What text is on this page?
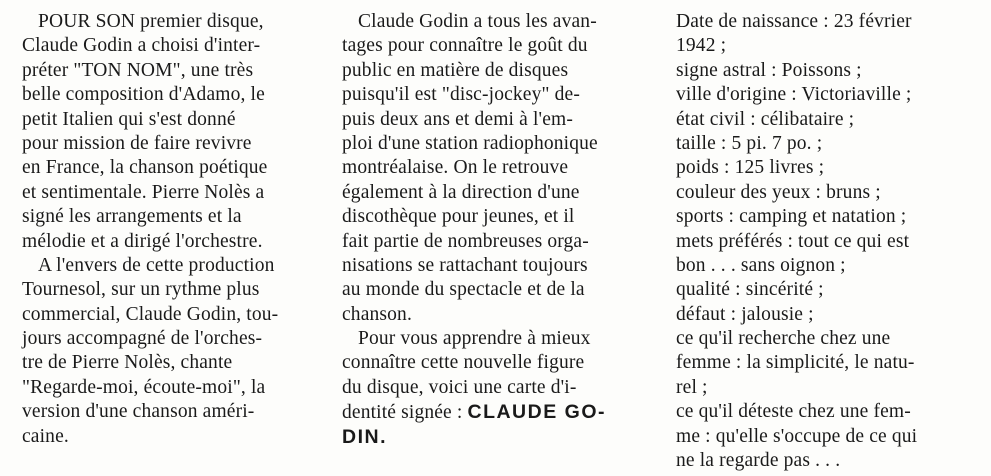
POUR SON premier disque,
Claude Godin a choisi d'inter-
préter "TON NOM", une très
belle composition d'Adamo, le
petit Italien qui s'est donné
pour mission de faire revivre
en France, la chanson poétique
et sentimentale. Pierre Nolès a
signé les arrangements et la
mélodie et a dirigé l'orchestre.
A l'envers de cette production
Tournesol, sur un rythme plus
commercial, Claude Godin, tou-
jours accompagné de l'orches-
tre de Pierre Nolès, chante
"Regarde-moi, écoute-moi", la
version d'une chanson améri-
caine.
Claude Godin a tous les avan-
tages pour connaître le goût du
public en matière de disques
puisqu'il est "disc-jockey" de-
puis deux ans et demi à l'em-
ploi d'une station radiophonique
montréalaise. On le retrouve
également à la direction d'une
discothèque pour jeunes, et il
fait partie de nombreuses orga-
nisations se rattachant toujours
au monde du spectacle et de la
chanson.
Pour vous apprendre à mieux
connaître cette nouvelle figure
du disque, voici une carte d'i-
dentité signée : CLAUDE GO-
DIN.
Date de naissance : 23 février
1942 ;
signe astral : Poissons ;
ville d'origine : Victoriaville ;
état civil : célibataire ;
taille : 5 pi. 7 po. ;
poids : 125 livres ;
couleur des yeux : bruns ;
sports : camping et natation ;
mets préférés : tout ce qui est
bon . . . sans oignon ;
qualité : sincérité ;
défaut : jalousie ;
ce qu'il recherche chez une
femme : la simplicité, le natu-
rel ;
ce qu'il déteste chez une fem-
me : qu'elle s'occupe de ce qui
ne la regarde pas . . .
